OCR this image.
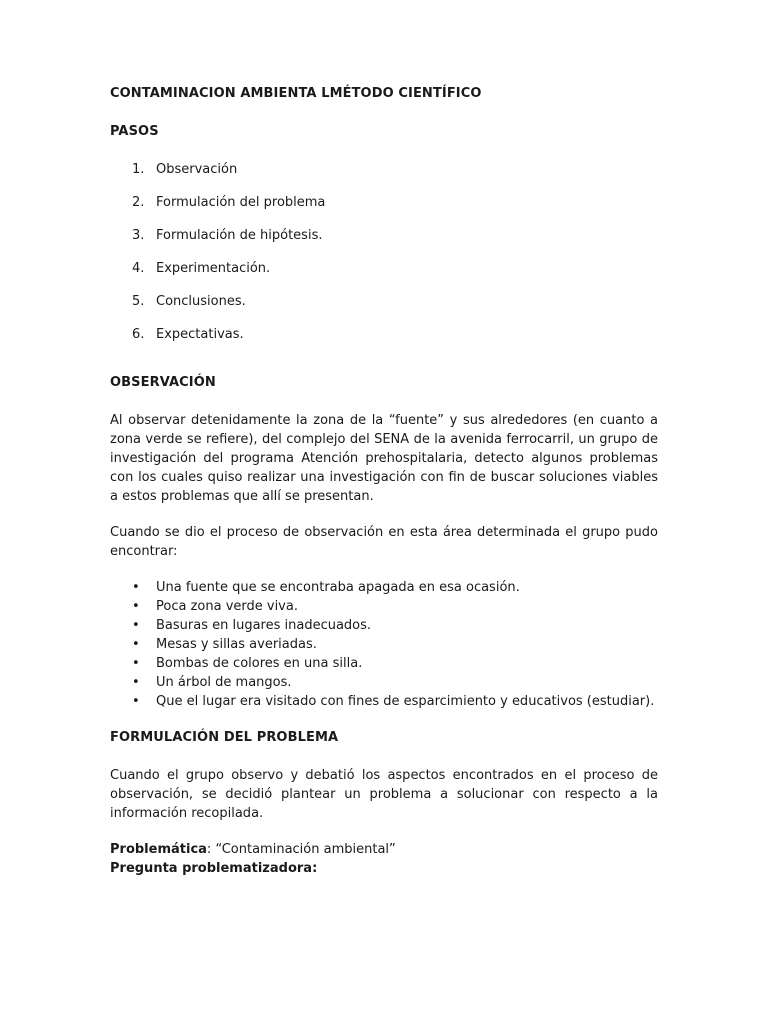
CONTAMINACION AMBIENTA LMÉTODO CIENTÍFICO
PASOS
1. Observación
2. Formulación del problema
3. Formulación de hipótesis.
4. Experimentación.
5. Conclusiones.
6. Expectativas.
OBSERVACIÓN

Al observar detenidamente la zona de la “fuente” y sus alrededores (en cuanto a zona verde se refiere), del complejo del SENA de la avenida ferrocarril, un grupo de investigación del programa Atención prehospitalaria, detecto algunos problemas con los cuales quiso realizar una investigación con fin de buscar soluciones viables a estos problemas que allí se presentan.

Cuando se dio el proceso de observación en esta área determinada el grupo pudo encontrar:

• Una fuente que se encontraba apagada en esa ocasión.
• Poca zona verde viva.
• Basuras en lugares inadecuados.
• Mesas y sillas averiadas.
• Bombas de colores en una silla.
• Un árbol de mangos.
• Que el lugar era visitado con fines de esparcimiento y educativos (estudiar).
FORMULACIÓN DEL PROBLEMA

Cuando el grupo observo y debatió los aspectos encontrados en el proceso de observación, se decidió plantear un problema a solucionar con respecto a la información recopilada.

Problemática: “Contaminación ambiental”
Pregunta problematizadora:
